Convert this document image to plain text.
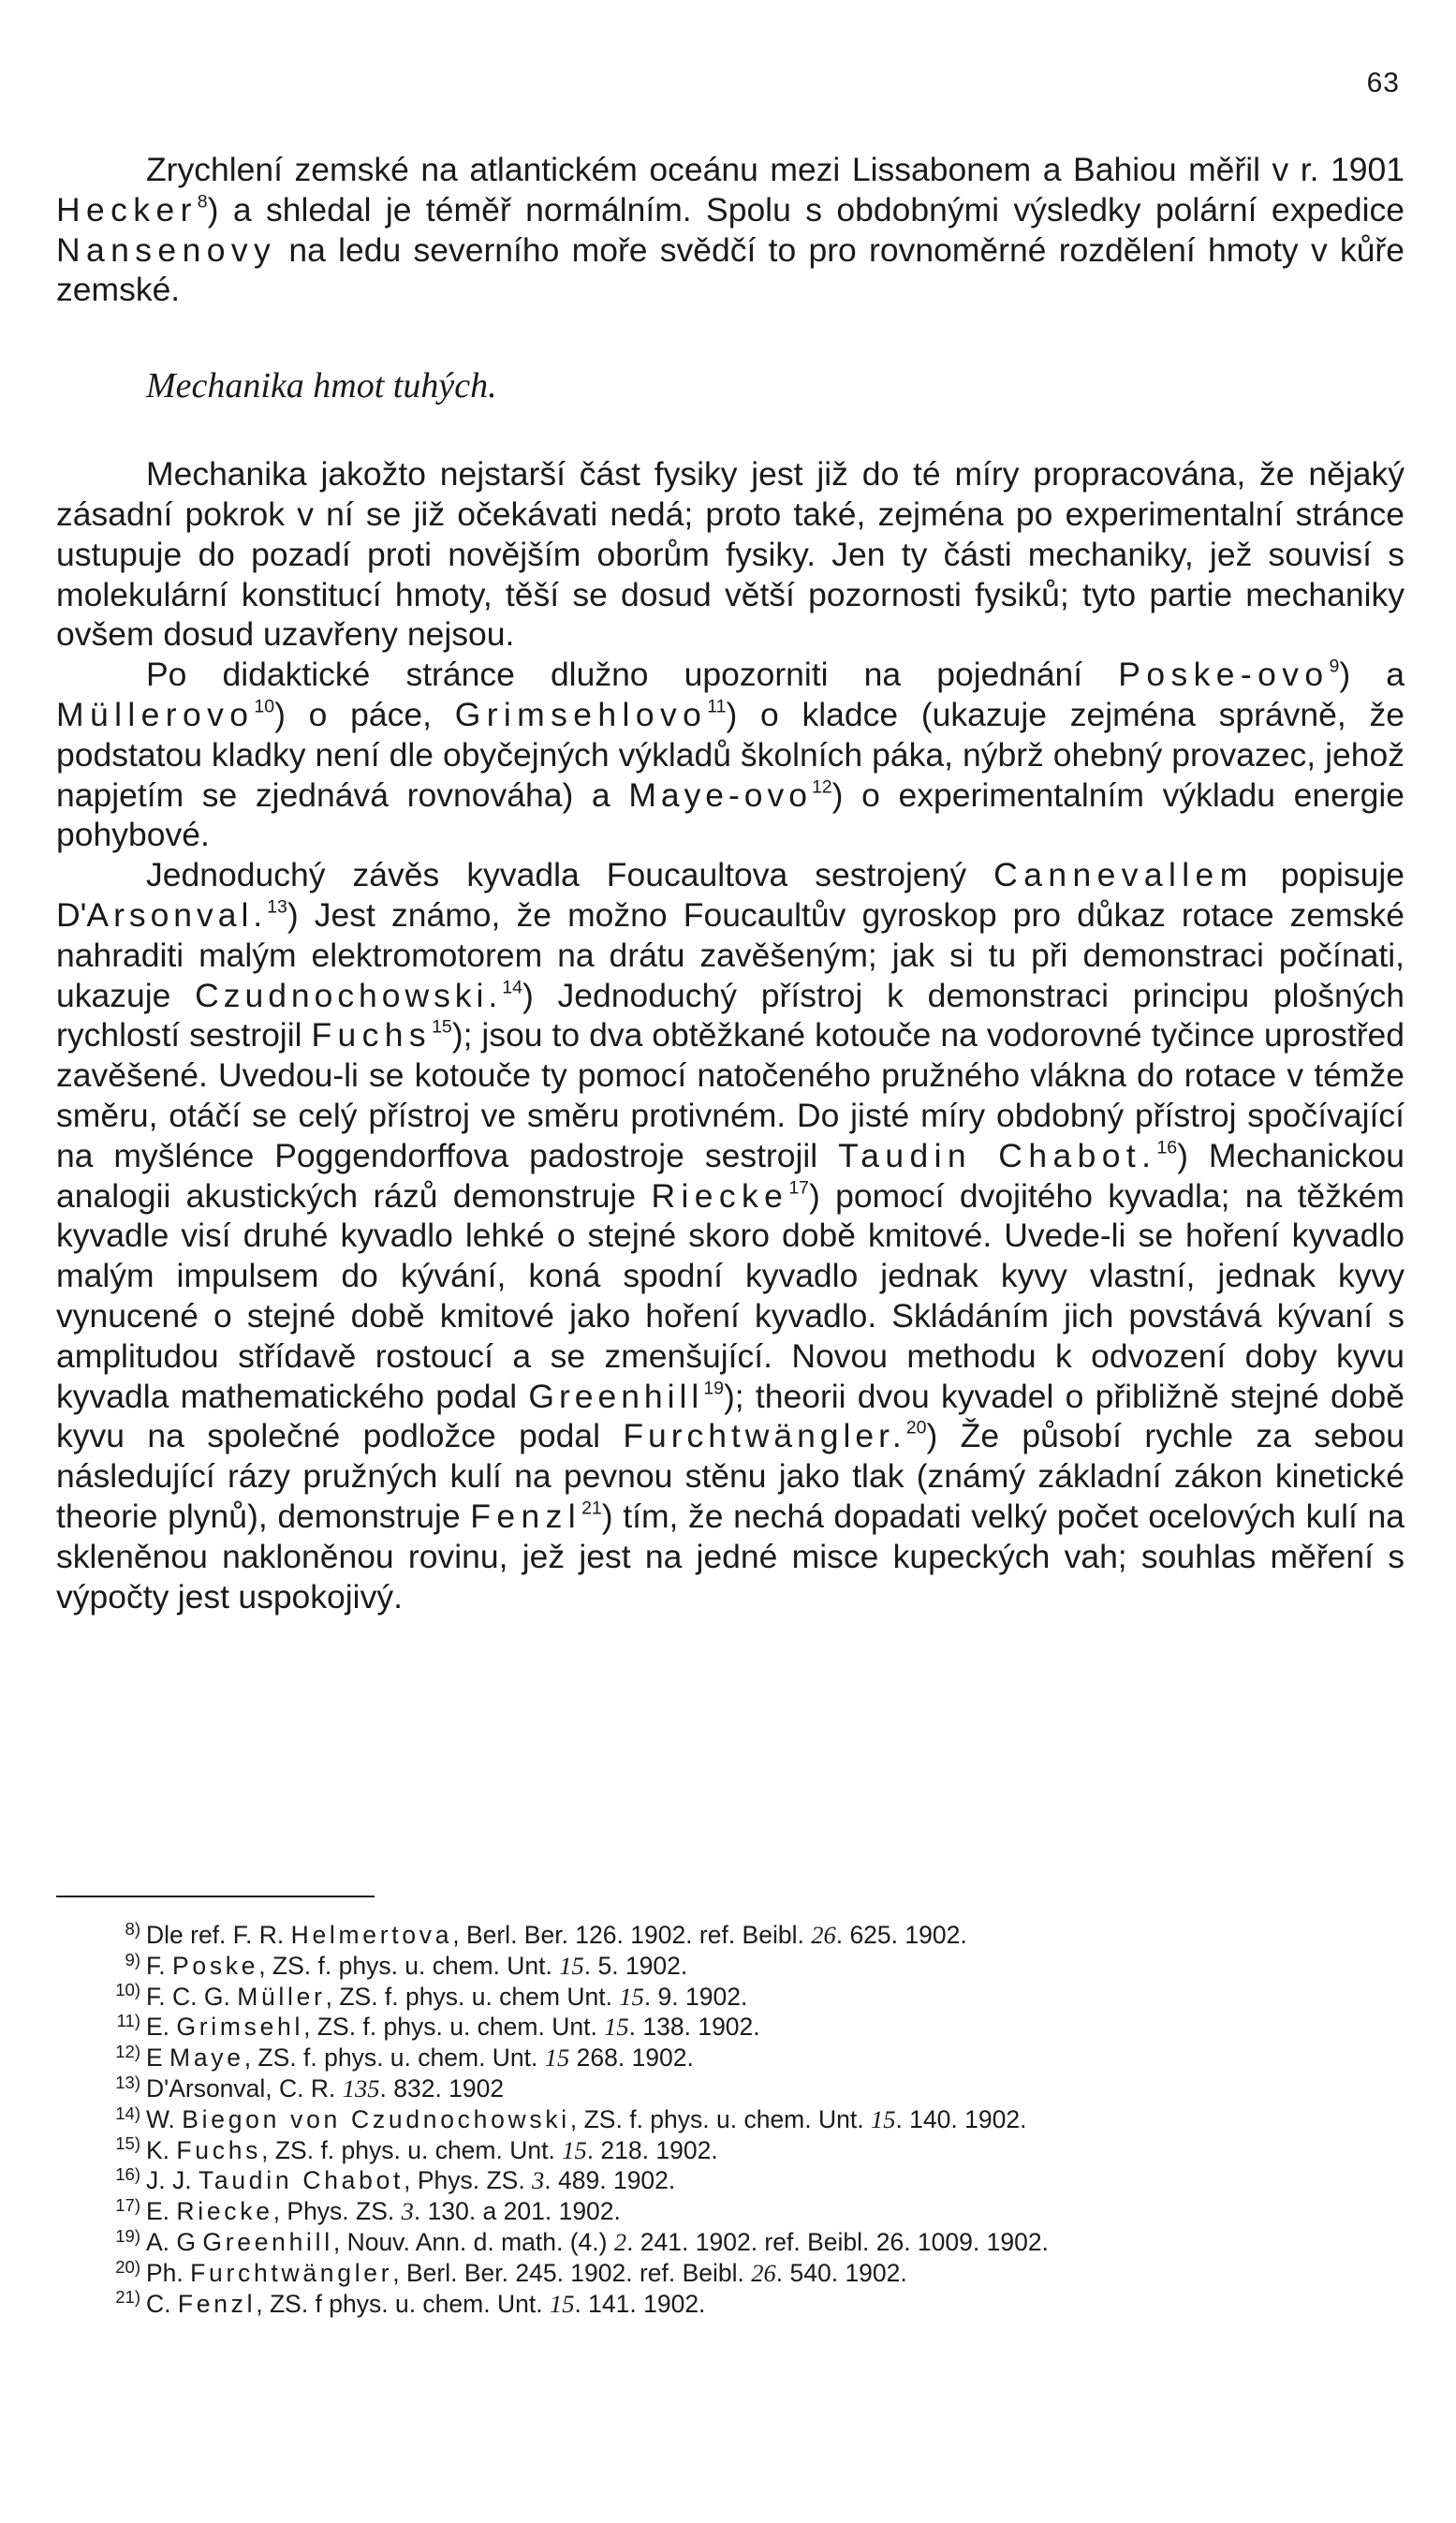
63

Zrychlení zemské na atlantickém oceánu mezi Lissabonem a Bahiou měřil v r. 1901 Hecker$^8$) a shledal je téměř normálním. Spolu s obdobnými výsledky polární expedice Nansenovy na ledu severního moře svědčí to pro rovnoměrné rozdělení hmoty v kůře zemské.

Mechanika hmot tuhých.

Mechanika jakožto nejstarší část fysiky jest již do té míry propracována, že nějaký zásadní pokrok v ní se již očekávati nedá; proto také, zejména po experimentalní stránce ustupuje do pozadí proti novějším oborům fysiky. Jen ty části mechaniky, jež souvisí s molekulární konstitucí hmoty, těší se dosud větší pozornosti fysiků; tyto partie mechaniky ovšem dosud uzavřeny nejsou.

Po didaktické stránce dlužno upozorniti na pojednání Poske-ovo$^9$) a Müllerovo$^{10}$) o páce, Grimsehlovo$^{11}$) o kladce (ukazuje zejména správně, že podstatou kladky není dle obyčejných výkladů školních páka, nýbrž ohebný provazec, jehož napjetím se zjednává rovnováha) a Maye-ovo$^{12}$) o experimentalním výkladu energie pohybové.

Jednoduchý závěs kyvadla Foucaultova sestrojený Cannevallem popisuje D'Arsonval.$^{13}$) Jest známo, že možno Foucaultův gyroskop pro důkaz rotace zemské nahraditi malým elektromotorem na drátu zavěšeným; jak si tu při demonstraci počínati, ukazuje Czudnochowski.$^{14}$) Jednoduchý přístroj k demonstraci principu plošných rychlostí sestrojil Fuchs$^{15}$); jsou to dva obtěžkané kotouče na vodorovné tyčince uprostřed zavěšené. Uvedou-li se kotouče ty pomocí natočeného pružného vlákna do rotace v témže směru, otáčí se celý přístroj ve směru protivném. Do jisté míry obdobný přístroj spočívající na myšlénce Poggendorffova padostroje sestrojil Taudin Chabot.$^{16}$) Mechanickou analogii akustických rázů demonstruje Riecke$^{17}$) pomocí dvojitého kyvadla; na těžkém kyvadle visí druhé kyvadlo lehké o stejné skoro době kmitové. Uvede-li se hoření kyvadlo malým impulsem do kývání, koná spodní kyvadlo jednak kyvy vlastní, jednak kyvy vynucené o stejné době kmitové jako hoření kyvadlo. Skládáním jich povstává kývaní s amplitudou střídavě rostoucí a se zmenšující. Novou methodu k odvození doby kyvu kyvadla mathematického podal Greenhill$^{19}$); theorii dvou kyvadel o přibližně stejné době kyvu na společné podložce podal Furchtwängler.$^{20}$) Že působí rychle za sebou následující rázy pružných kulí na pevnou stěnu jako tlak (známý základní zákon kinetické theorie plynů), demonstruje Fenzl$^{21}$) tím, že nechá dopadati velký počet ocelových kulí na skleněnou nakloněnou rovinu, jež jest na jedné misce kupeckých vah; souhlas měření s výpočty jest uspokojivý.

8) Dle ref. F. R. Helmertova, Berl. Ber. 126. 1902. ref. Beibl. 26. 625. 1902.

9) F. Poske, ZS. f. phys. u. chem. Unt. 15. 5. 1902.

10) F. C. G. Müller, ZS. f. phys. u. chem Unt. 15. 9. 1902.

11) E. Grimsehl, ZS. f. phys. u. chem. Unt. 15. 138. 1902.

12) E Maye, ZS. f. phys. u. chem. Unt. 15 268. 1902.

13) D'Arsonval, C. R. 135. 832. 1902

14) W. Biegon von Czudnochowski, ZS. f. phys. u. chem. Unt. 15. 140. 1902.

15) K. Fuchs, ZS. f. phys. u. chem. Unt. 15. 218. 1902.

16) J. J. Taudin Chabot, Phys. ZS. 3. 489. 1902.

17) E. Riecke, Phys. ZS. 3. 130. a 201. 1902.

19) A. G Greenhill, Nouv. Ann. d. math. (4.) 2. 241. 1902. ref. Beibl. 26. 1009. 1902.

20) Ph. Furchtwängler, Berl. Ber. 245. 1902. ref. Beibl. 26. 540. 1902.

21) C. Fenzl, ZS. f phys. u. chem. Unt. 15. 141. 1902.
